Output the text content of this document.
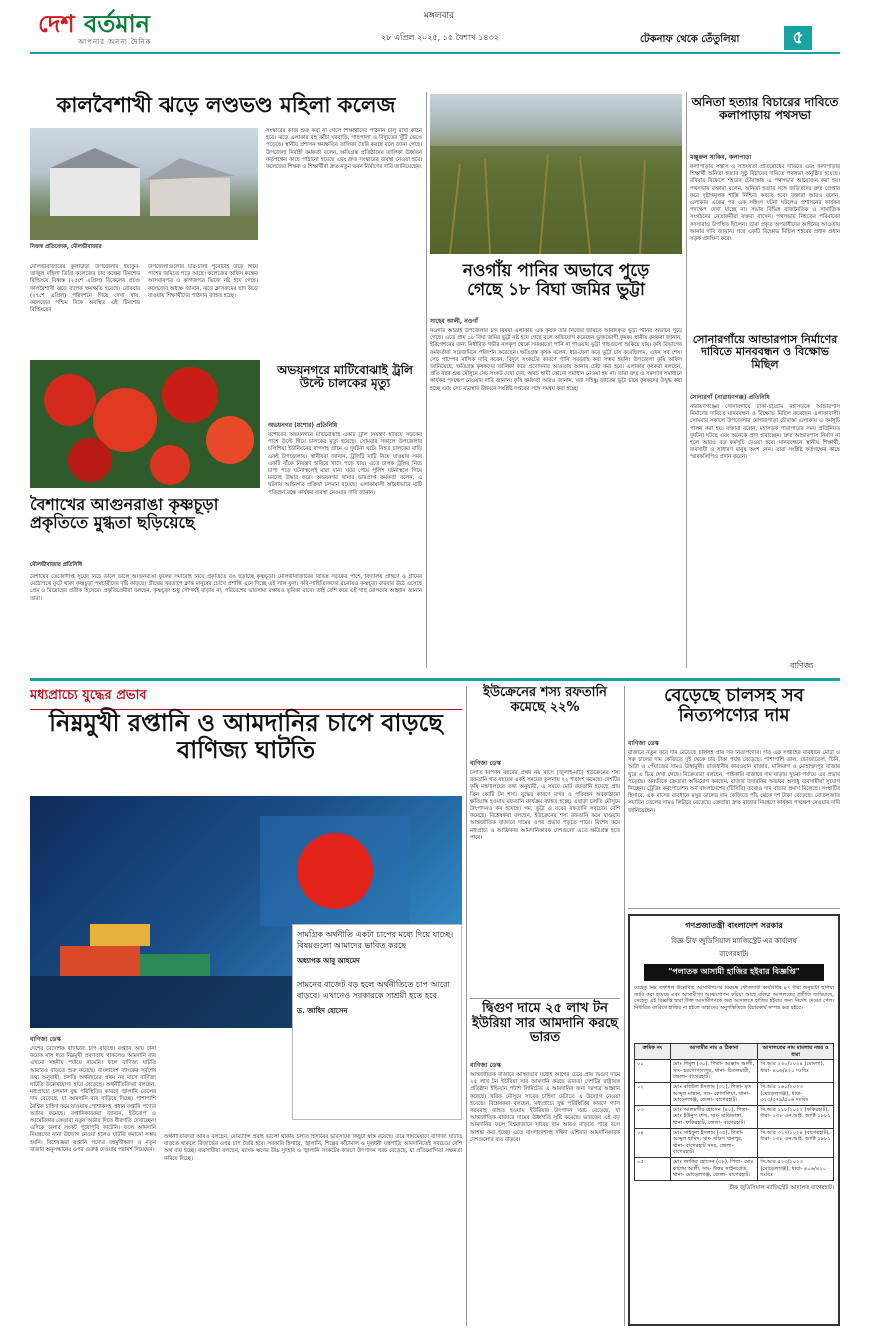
দেশ বর্তমান
আপনার অনন্য দৈনিক
মঙ্গলবার
২৮ এপ্রিল ২০২৫, ১৫ বৈশাখ ১৪৩২	টেকনাফ থেকে তেঁতুলিয়া	৫
কালবৈশাখী ঝড়ে লণ্ডভণ্ড মহিলা কলেজ
নিজস্ব প্রতিবেদক, মৌলভীবাজার
মৌলভীবাজারের কুলাউড়া উপজেলার ইয়াকুব-তাজুল মহিলা ডিগ্রি কলেজের চার কক্ষের টিনশেড বিল্ডিংয়ে বিধ্বস্ত (২৫শে এপ্রিল) বিকেলের প্রচণ্ড কালবৈশাখী ঝড়ে ব্যাপক ক্ষয়ক্ষতি হয়েছে। রোববার (২৭শে এপ্রিল) পরিদর্শনে গিয়ে দেখা যায়, কলেজের পশ্চিম দিকে অবস্থিত এই টিনশেড বিল্ডিংয়ের
উপজেলাগুলোর চার-চালা পুরোটাই উড়ে গিয়ে পাশের জমিতে পড়ে আছে। কলেজের অফিস কক্ষের আসবাবপত্র ও কাগজপত্র ভিজে নষ্ট হয়ে গেছে। কলেজের অধ্যক্ষ জানান, ঝড়ে ক্লাসরুমের ছাদ উড়ে যাওয়ায় শিক্ষার্থীদের পাঠদান ব্যাহত হচ্ছে।
সংস্কারের কাজ শুরু করা না গেলে শিক্ষার্থীদের পাঠদান চালু রাখা কঠিন হবে। ঝড়ে এলাকার বহু কাঁচা ঘরবাড়ি, গাছপালা ও বিদ্যুতের খুঁটি ভেঙে পড়েছে। স্থানীয় প্রশাসন ক্ষয়ক্ষতির তালিকা তৈরি করছে বলে জানা গেছে। উপজেলা নির্বাহী কর্মকর্তা বলেন, ক্ষতিগ্রস্ত প্রতিষ্ঠানের তালিকা ঊর্ধ্বতন কর্তৃপক্ষের কাছে পাঠানো হয়েছে এবং দ্রুত সংস্কারের ব্যবস্থা নেওয়া হবে। কলেজের শিক্ষক ও শিক্ষার্থীরা দ্রুত নতুন ভবন নির্মাণের দাবি জানিয়েছেন।
বৈশাখের আগুনরাঙা কৃষ্ণচূড়া প্রকৃতিতে মুগ্ধতা ছড়িয়েছে
মৌলভীবাজার প্রতিনিধি
বৈশাখের তেজোদীপ্ত সূর্যের নিচে ডালে ডালে আগুনরাঙা ফুলের সমারোহ নিয়ে প্রকৃতিতে রঙ ছড়াচ্ছে কৃষ্ণচূড়া। মৌলভীবাজারের বিভিন্ন সড়কের পাশে, বিদ্যালয় প্রাঙ্গণে ও গ্রামের মেঠোপথে ফুটে থাকা কৃষ্ণচূড়া পথচারীদের দৃষ্টি কাড়ছে। গ্রীষ্মের খরতাপে ক্লান্ত মানুষের চোখে প্রশান্তি এনে দিচ্ছে এই লাল ফুল। কবি-সাহিত্যিকদের রচনায়ও কৃষ্ণচূড়া বারবার উঠে এসেছে প্রেম ও বিদ্রোহের প্রতীক হিসেবে। প্রকৃতিপ্রেমীরা বলছেন, কৃষ্ণচূড়া শুধু সৌন্দর্যই বাড়ায় না, পরিবেশের ভারসাম্য রক্ষায়ও ভূমিকা রাখে। তাই বেশি করে এই গাছ রোপণের আহ্বান জানান তারা।
অভয়নগরে মাটিবোঝাই ট্রলি উল্টে চালকের মৃত্যু
অভয়নগর (যশোর) প্রতিনিধি
যশোরের অভয়নগরে মাটিবোঝাই একটি ট্রলি নিয়ন্ত্রণ হারিয়ে সড়কের পাশে উল্টে গিয়ে চালকের মৃত্যু হয়েছে। সোমবার সকালে উপজেলার চলিশিয়া ইউনিয়নের বাগদাহ গ্রামে এ দুর্ঘটনা ঘটে। নিহত চালকের বাড়ি একই উপজেলায়। স্থানীয়রা জানান, ট্রলিটি মাটি নিয়ে যাওয়ার সময় একটি বাঁকে নিয়ন্ত্রণ হারিয়ে খাদে পড়ে যায়। এতে চালক ট্রলির নিচে চাপা পড়ে ঘটনাস্থলেই মারা যান। খবর পেয়ে পুলিশ ঘটনাস্থলে গিয়ে মরদেহ উদ্ধার করে। অভয়নগর থানার ভারপ্রাপ্ত কর্মকর্তা বলেন, এ ঘটনায় আইনগত প্রক্রিয়া চলমান রয়েছে। এলাকাবাসী অবৈধভাবে মাটি পরিবহন বন্ধে কার্যকর ব্যবস্থা নেওয়ার দাবি জানান।
নওগাঁয় পানির অভাবে পুড়ে গেছে ১৮ বিঘা জমির ভুট্টা
সাহেব আলী, নওগাঁ
নওগাঁর আত্রাই উপজেলার চন্দ বিষয়া এলাকায় এক কৃষক তাঁর নিজের জমিতে আবাদকৃত ভুট্টা পানির অভাবে পুড়ে গেছে। এতে প্রায় ১৮ বিঘা জমির ভুট্টা নষ্ট হয়ে গেছে বলে অভিযোগ করেছেন ভুক্তভোগী কৃষক। স্থানীয় কৃষকরা জানান, ইরিগেশনের জন্য নির্ধারিত গভীর নলকূপ থেকে সময়মতো পানি না পাওয়ায় ভুট্টা গাছগুলো শুকিয়ে যায়। কৃষি বিভাগের কর্মকর্তারা সরেজমিনে পরিদর্শন করেছেন। ক্ষতিগ্রস্ত কৃষক বলেন, ধার-দেনা করে ভুট্টা চাষ করেছিলাম, এখন সব শেষ। সেচ পাম্পের মালিক দাবি করেন, বিদ্যুৎ সংকটের কারণে পানি সরবরাহ করা সম্ভব হয়নি। উপজেলা কৃষি অফিস জানিয়েছে, ক্ষতিগ্রস্ত কৃষকদের তালিকা করে প্রণোদনার আওতায় আনার চেষ্টা করা হবে। এলাকার কৃষকরা বলছেন, প্রতি বছর শুষ্ক মৌসুমে সেচ সংকট দেখা দেয়, অথচ স্থায়ী কোনো সমাধান নেওয়া হয় না। তারা দ্রুত এ সমস্যার সমাধানে কার্যকর পদক্ষেপ নেওয়ার দাবি জানান। কৃষি কর্মকর্তা আরও জানান, খরা সহিষ্ণু জাতের ভুট্টা চাষে কৃষকদের উদ্বুদ্ধ করা হচ্ছে এবং সেচ ব্যবস্থার উন্নয়নে সংশ্লিষ্ট দপ্তরের সঙ্গে সমন্বয় করা হচ্ছে।
অনিতা হত্যার বিচারের দাবিতে কলাপাড়ায় পথসভা
মঞ্জুরুল সাকিব, কলাপাড়া
কলাপাড়ায় সন্ত্রাস ও সহিংসতা প্রতিরোধের দাবিতে এবং কলাপাড়ার শিক্ষার্থী অনিতা হত্যার সুষ্ঠু বিচারের দাবিতে পথসভা অনুষ্ঠিত হয়েছে। রবিবার বিকেলে শহরের চৌরাস্তায় এ পথসভার আয়োজন করা হয়। পথসভায় বক্তারা বলেন, অনিতা হত্যার সঙ্গে জড়িতদের দ্রুত গ্রেপ্তার করে দৃষ্টান্তমূলক শাস্তি নিশ্চিত করতে হবে। বক্তারা আরও বলেন, এলাকায় একের পর এক সহিংস ঘটনা ঘটলেও প্রশাসনের কার্যকর পদক্ষেপ দেখা যাচ্ছে না। সভায় বিভিন্ন রাজনৈতিক ও সামাজিক সংগঠনের নেতাকর্মীরা বক্তব্য রাখেন। পথসভায় নিহতের পরিবারের সদস্যরাও উপস্থিত ছিলেন। তারা প্রকৃত অপরাধীদের আইনের আওতায় আনার দাবি জানান। পরে একটি বিক্ষোভ মিছিল শহরের প্রধান প্রধান সড়ক প্রদক্ষিণ করে।
সোনারগাঁয়ে আন্ডারপাস নির্মাণের দাবিতে মানববন্ধন ও বিক্ষোভ মিছিল
সোনারগাঁ (নারায়ণগঞ্জ) প্রতিনিধি
নারায়ণগঞ্জের সোনারগাঁয়ে ঢাকা-চট্টগ্রাম মহাসড়কে আন্ডারপাস নির্মাণের দাবিতে মানববন্ধন ও বিক্ষোভ মিছিল করেছেন এলাকাবাসী। সোমবার সকালে উপজেলার মোগরাপাড়া চৌরাস্তা এলাকায় এ কর্মসূচি পালন করা হয়। বক্তারা বলেন, মহাসড়ক পারাপারের সময় প্রতিনিয়ত দুর্ঘটনা ঘটছে এবং অনেকে প্রাণ হারাচ্ছেন। দ্রুত আন্ডারপাস নির্মাণ না হলে আরও বড় কর্মসূচি দেওয়া হবে। মানববন্ধনে স্থানীয় শিক্ষার্থী, ব্যবসায়ী ও সাধারণ মানুষ অংশ নেন। তারা সংশ্লিষ্ট কর্তৃপক্ষের কাছে স্মারকলিপিও প্রদান করেন।
বাণিজ্য
মধ্যপ্রাচ্যে যুদ্ধের প্রভাব
নিম্নমুখী রপ্তানি ও আমদানির চাপে বাড়ছে বাণিজ্য ঘাটতি
সামগ্রিক অর্থনীতি একটা চাপের মধ্যে দিয়ে যাচ্ছে। বিষয়গুলো আমাদের ভাবিত করছে
অধ্যাপক আবু আহমেদ
সামনের বাজেট বড় হলে অর্থনীতিতে চাপ আরো বাড়বে। এখানেও সরকারকে সাশ্রয়ী হতে হবে
ড. জাহিদ হোসেন
বাণিজ্য ডেস্ক
দেশের বৈদেশিক বাণিজ্যে চাপ বাড়ছে। রপ্তানি আয় টানা কয়েক মাস ধরে নিম্নমুখী প্রবণতায় থাকলেও আমদানি ব্যয় এখনো সহনীয় পর্যায়ে নামেনি। ফলে বাণিজ্য ঘাটতি আবারও বাড়তে শুরু করেছে। বাংলাদেশ ব্যাংকের সর্বশেষ তথ্য অনুযায়ী, চলতি অর্থবছরের প্রথম নয় মাসে বাণিজ্য ঘাটতি উল্লেখযোগ্য হারে বেড়েছে। অর্থনীতিবিদরা বলছেন, মধ্যপ্রাচ্যে চলমান যুদ্ধ পরিস্থিতির কারণে জ্বালানি তেলের দাম বেড়েছে, যা আমদানি ব্যয় বাড়িয়ে দিচ্ছে। পাশাপাশি বৈশ্বিক চাহিদা কমে যাওয়ায় পোশাকসহ প্রধান রপ্তানি পণ্যের অর্ডার কমেছে। রপ্তানিকারকরা জানান, ইউরোপ ও আমেরিকার ক্রেতারা নতুন অর্ডার দিতে ধীরগতি দেখাচ্ছেন। এদিকে ডলার সংকট পুরোপুরি কাটেনি। ফলে আমদানি নিয়ন্ত্রণের নানা উদ্যোগ নেওয়া হলেও ঘাটতি কমানো সম্ভব হয়নি। বিশেষজ্ঞরা রপ্তানি পণ্যের বহুমুখীকরণ ও নতুন বাজার অনুসন্ধানের ওপর গুরুত্ব দেওয়ার পরামর্শ দিয়েছেন।
অর্থনীতিবিদরা আরও বলছেন, রেমিট্যান্স প্রবাহ ভালো থাকায় চলতি হিসাবের ভারসাম্যে কিছুটা স্বস্তি রয়েছে। তবে দীর্ঘমেয়াদে বাণিজ্য ঘাটতি বাড়তে থাকলে রিজার্ভের ওপর চাপ তৈরি হবে। সরকারি হিসাবে, জ্বালানি, শিল্পের কাঁচামাল ও মূলধনী যন্ত্রপাতি আমদানিতেই সবচেয়ে বেশি অর্থ ব্যয় হচ্ছে। ব্যবসায়ীরা বলছেন, ব্যাংক ঋণের উচ্চ সুদহার ও জ্বালানি সংকটের কারণে উৎপাদন খরচ বেড়েছে, যা প্রতিযোগিতা সক্ষমতা কমিয়ে দিচ্ছে।
ইউক্রেনের শস্য রফতানি কমেছে ২২%
বাণিজ্য ডেস্ক
চলতি বিপণন বছরের প্রথম নয় মাসে (জুলাই-মার্চ) ইউক্রেনের শস্য রফতানি গত বছরের একই সময়ের তুলনায় ২২ শতাংশ কমেছে। দেশটির কৃষি মন্ত্রণালয়ের তথ্য অনুযায়ী, এ সময়ে মোট রফতানি হয়েছে প্রায় তিন কোটি টন শস্য। যুদ্ধের কারণে বন্দর ও পরিবহন অবকাঠামো ক্ষতিগ্রস্ত হওয়ায় রফতানি কার্যক্রম ব্যাহত হচ্ছে। এছাড়া চলতি মৌসুমে উৎপাদনও কম হয়েছে। গম, ভুট্টা ও যবের রফতানি সবচেয়ে বেশি কমেছে। বিশ্লেষকরা বলছেন, ইউক্রেনের শস্য রফতানি কমে যাওয়ায় আন্তর্জাতিক বাজারে দামের ওপর প্রভাব পড়তে পারে। বিশেষ করে মধ্যপ্রাচ্য ও আফ্রিকার আমদানিকারক দেশগুলো এতে ক্ষতিগ্রস্ত হতে পারে।
বেড়েছে চালসহ সব নিত্যপণ্যের দাম
বাণিজ্য ডেস্ক
বাজারে নতুন করে দাম বেড়েছে চালসহ প্রায় সব নিত্যপণ্যের। গত এক সপ্তাহের ব্যবধানে মোটা ও সরু চালের দাম কেজিতে দুই থেকে চার টাকা পর্যন্ত বেড়েছে। পাশাপাশি ডাল, ভোজ্যতেল, চিনি, আটা ও পেঁয়াজের দামও ঊর্ধ্বমুখী। রাজধানীর কারওয়ান বাজার, মালিবাগ ও মোহাম্মদপুর বাজার ঘুরে এ চিত্র দেখা গেছে। বিক্রেতারা বলছেন, পাইকারি বাজারে দাম বাড়ায় খুচরা পর্যায়ে এর প্রভাব পড়েছে। অন্যদিকে ক্রেতারা অভিযোগ করছেন, বাজার তদারকির অভাবে অসাধু ব্যবসায়ীরা সুযোগ নিচ্ছেন। ট্রেডিং করপোরেশন অব বাংলাদেশের (টিসিবি) তথ্যেও দাম বাড়ার প্রমাণ মিলেছে। সংস্থাটির হিসাবে, এক মাসের ব্যবধানে মসুর ডালের দাম কেজিতে পাঁচ থেকে দশ টাকা বেড়েছে। বোতলজাত সয়াবিন তেলের দামও লিটারে বেড়েছে। ক্রেতারা দ্রুত বাজার নিয়ন্ত্রণে কার্যকর পদক্ষেপ নেওয়ার দাবি জানিয়েছেন।
দ্বিগুণ দামে ২৫ লাখ টন ইউরিয়া সার আমদানি করছে ভারত
বাণিজ্য ডেস্ক
আন্তর্জাতিক বাজারে অস্থিরতার মধ্যেই আগের চেয়ে প্রায় দ্বিগুণ দামে ২৫ লাখ টন ইউরিয়া সার আমদানি করছে ভারত। দেশটির রাষ্ট্রায়ত্ত প্রতিষ্ঠান ইন্ডিয়ান পটাশ লিমিটেড এ আমদানির জন্য দরপত্র আহ্বান করেছে। খরিফ মৌসুমে সারের চাহিদা মেটাতে এ উদ্যোগ নেওয়া হয়েছে। বিশ্লেষকরা বলছেন, মধ্যপ্রাচ্যে যুদ্ধ পরিস্থিতির কারণে গ্যাস সরবরাহ ব্যাহত হওয়ায় ইউরিয়ার উৎপাদন খরচ বেড়েছে, যা আন্তর্জাতিক বাজারে দামের ঊর্ধ্বগতি সৃষ্টি করেছে। ভারতের এই বড় আমদানির ফলে বিশ্ববাজারে সারের দাম আরও বাড়তে পারে বলে আশঙ্কা করা হচ্ছে। এতে বাংলাদেশসহ দক্ষিণ এশিয়ার আমদানিকারক দেশগুলোর ব্যয় বাড়বে।
গণপ্রজাতন্ত্রী বাংলাদেশ সরকার
বিজ্ঞ চীফ জুডিসিয়াল ম্যাজিস্ট্রেট এর কার্যালয়
বাগেরহাট।
"পলাতক আসামী হাজির হইবার বিজ্ঞপ্তি"
যেহেতু নিম্ন তফশিল উল্লেখিত আসামীগণের বিরুদ্ধে ফৌজদারী কার্যবিধির ৮৭ ধারা অনুযায়ী হুলিয়া জারি করা হয়েছে এবং আসামীগণ আত্মগোপন করিয়া আছে বলিয়া আদালতের প্রতীতি জন্মিয়াছে, সেহেতু এই বিজ্ঞপ্তি দ্বারা উক্ত আসামীগণকে অত্র আদালতে হাজির হইবার জন্য নির্দেশ দেওয়া গেল। নির্ধারিত তারিখে হাজির না হইলে তাহাদের অনুপস্থিতিতে বিচারকার্য সম্পন্ন করা হইবে।
ক্রমিক নং	আসামীর নাম ও ঠিকানা	আদালতের নাম মামলার নম্বর ও ধারা
০১	মোঃ শিমুল (৩০), পিতা- আক্কাস আলী, সাং- চরগোপালপুর, থানা- চিতলমারী, জেলা- বাগেরহাট।	সি.আর ২৩০/২০২৪ (মোংলা), ধারা- ৪০৬/৪২০ দঃবিঃ
০২	মোঃ রবিউল ইসলাম (৩২), পিতা- মৃত আব্দুল মান্নান, সাং- কোদালিয়া, থানা- মোড়েলগঞ্জ, জেলা- বাগেরহাট।	সি.আর ১৬০/২০২৩ (মোড়েলগঞ্জ), ধারা- ৩২৩/৩৭৯/৫০৬ দঃবিঃ
০৩	মোঃ আলমগীর হোসেন (৪০), পিতা- মোঃ ইউনুস শেখ, সাং- মাঝিডাঙ্গা, থানা- ফকিরহাট, জেলা- বাগেরহাট।	সি.আর ১১৮/২০২২ (ফকিরহাট), ধারা- ১৩৮ এন.আই. অ্যাক্ট ১৮৮১
০৪	মোঃ সাইফুল ইসলাম (৩৫), পিতা- আব্দুল হামিদ, সাং- দক্ষিণ খানপুর, থানা- বাগেরহাট সদর, জেলা- বাগেরহাট।	সি.আর ৩১৭/২০২৪ (বাগেরহাট), ধারা- ১৩৮ এন.আই. অ্যাক্ট ১৮৮১
০৫	মোঃ জাকির হোসেন (৩৮), পিতা- মোঃ কাশেম আলী, সাং- উত্তর সাইনবোর্ড, থানা- মোড়েলগঞ্জ, জেলা- বাগেরহাট।	সি.আর ৫২৩/২০২৩ (মোড়েলগঞ্জ), ধারা- ৪০৬/৪২০ দঃবিঃ
চীফ জুডিসিয়াল ম্যাজিস্ট্রেট আদালত বাগেরহাট।
